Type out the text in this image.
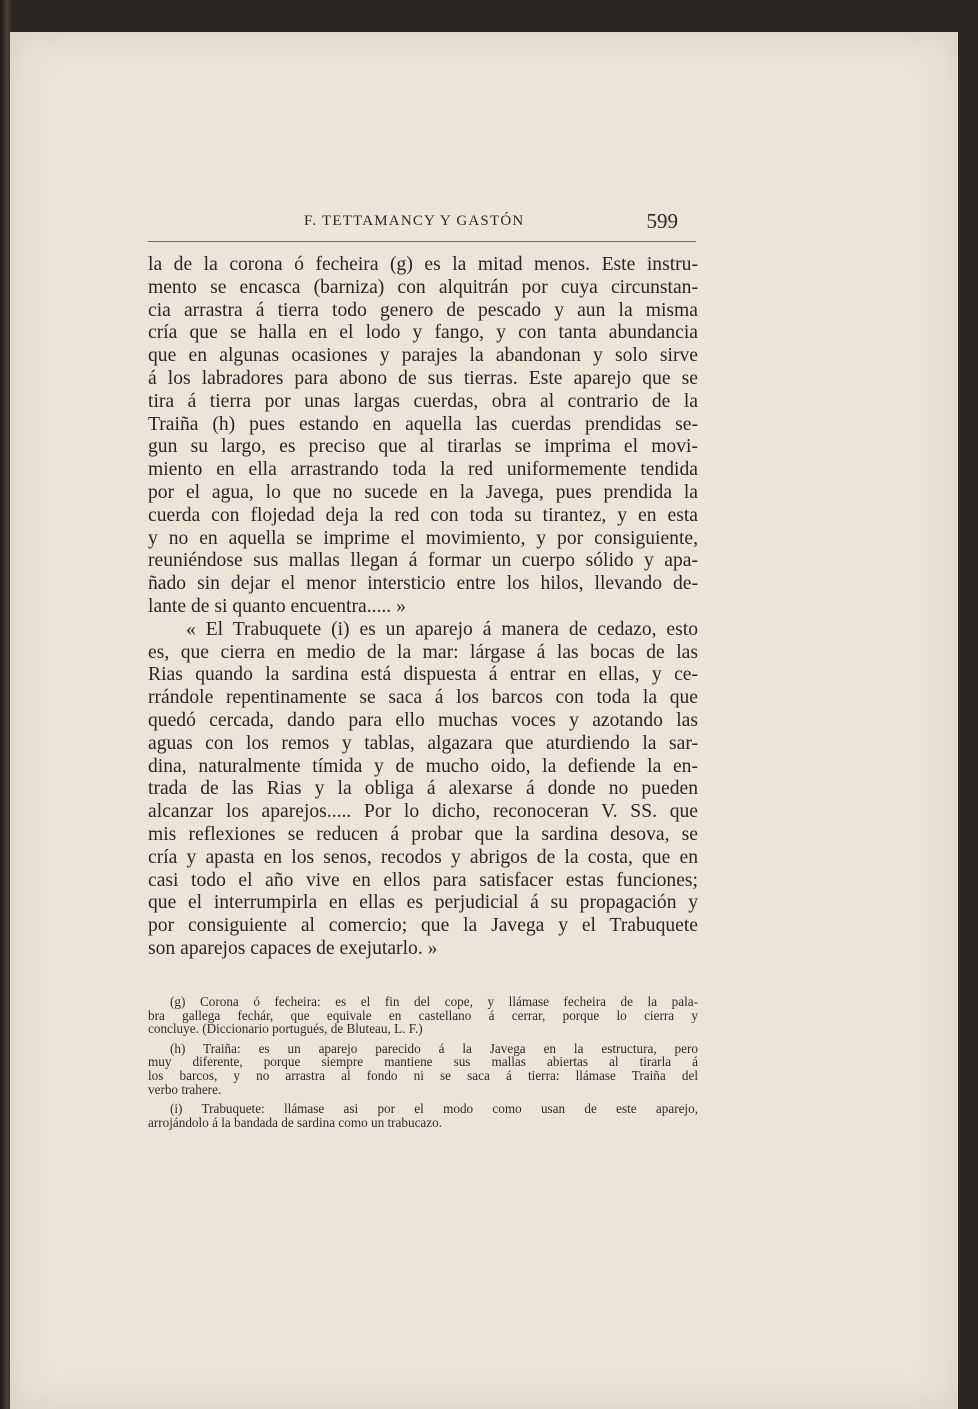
F. TETTAMANCY Y GASTÓN	599
la de la corona ó fecheira (g) es la mitad menos. Este instru-
mento se encasca (barniza) con alquitrán por cuya circunstan-
cia arrastra á tierra todo genero de pescado y aun la misma
cría que se halla en el lodo y fango, y con tanta abundancia
que en algunas ocasiones y parajes la abandonan y solo sirve
á los labradores para abono de sus tierras. Este aparejo que se
tira á tierra por unas largas cuerdas, obra al contrario de la
Traiña (h) pues estando en aquella las cuerdas prendidas se-
gun su largo, es preciso que al tirarlas se imprima el movi-
miento en ella arrastrando toda la red uniformemente tendida
por el agua, lo que no sucede en la Javega, pues prendida la
cuerda con flojedad deja la red con toda su tirantez, y en esta
y no en aquella se imprime el movimiento, y por consiguiente,
reuniéndose sus mallas llegan á formar un cuerpo sólido y apa-
ñado sin dejar el menor intersticio entre los hilos, llevando de-
lante de si quanto encuentra..... »
« El Trabuquete (i) es un aparejo á manera de cedazo, esto
es, que cierra en medio de la mar: lárgase á las bocas de las
Rias quando la sardina está dispuesta á entrar en ellas, y ce-
rrándole repentinamente se saca á los barcos con toda la que
quedó cercada, dando para ello muchas voces y azotando las
aguas con los remos y tablas, algazara que aturdiendo la sar-
dina, naturalmente tímida y de mucho oido, la defiende la en-
trada de las Rias y la obliga á alexarse á donde no pueden
alcanzar los aparejos..... Por lo dicho, reconoceran V. SS. que
mis reflexiones se reducen á probar que la sardina desova, se
cría y apasta en los senos, recodos y abrigos de la costa, que en
casi todo el año vive en ellos para satisfacer estas funciones;
que el interrumpirla en ellas es perjudicial á su propagación y
por consiguiente al comercio; que la Javega y el Trabuquete
son aparejos capaces de exejutarlo. »
(g) Corona ó fecheira: es el fin del cope, y llámase fecheira de la pala-
bra gallega fechár, que equivale en castellano á cerrar, porque lo cierra y
concluye. (Diccionario portugués, de Bluteau, L. F.)
(h) Traiña: es un aparejo parecido á la Javega en la estructura, pero
muy diferente, porque siempre mantiene sus mallas abiertas al tirarla á
los barcos, y no arrastra al fondo ni se saca á tierra: llámase Traiña del
verbo trahere.
(i) Trabuquete: llámase asi por el modo como usan de este aparejo,
arrojándolo á la bandada de sardina como un trabucazo.
